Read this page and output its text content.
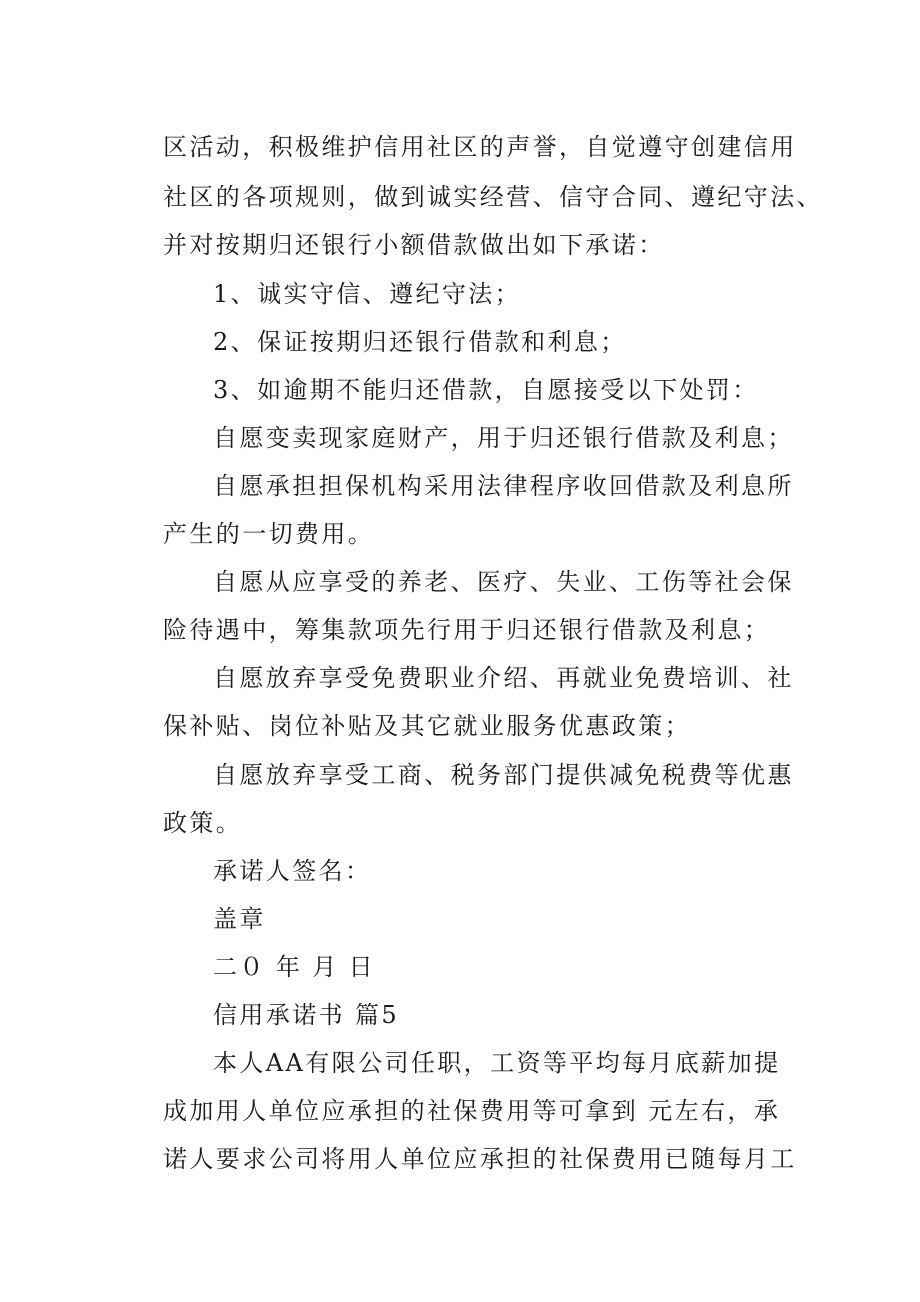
区活动，积极维护信用社区的声誉，自觉遵守创建信用
社区的各项规则，做到诚实经营、信守合同、遵纪守法、
并对按期归还银行小额借款做出如下承诺：
1、诚实守信、遵纪守法；
2、保证按期归还银行借款和利息；
3、如逾期不能归还借款，自愿接受以下处罚：
自愿变卖现家庭财产，用于归还银行借款及利息；
自愿承担担保机构采用法律程序收回借款及利息所
产生的一切费用。
自愿从应享受的养老、医疗、失业、工伤等社会保
险待遇中，筹集款项先行用于归还银行借款及利息；
自愿放弃享受免费职业介绍、再就业免费培训、社
保补贴、岗位补贴及其它就业服务优惠政策；
自愿放弃享受工商、税务部门提供减免税费等优惠
政策。
承诺人签名：
盖章
二０ 年 月 日
信用承诺书 篇5
本人AA有限公司任职，工资等平均每月底薪加提
成加用人单位应承担的社保费用等可拿到 元左右，承
诺人要求公司将用人单位应承担的社保费用已随每月工
